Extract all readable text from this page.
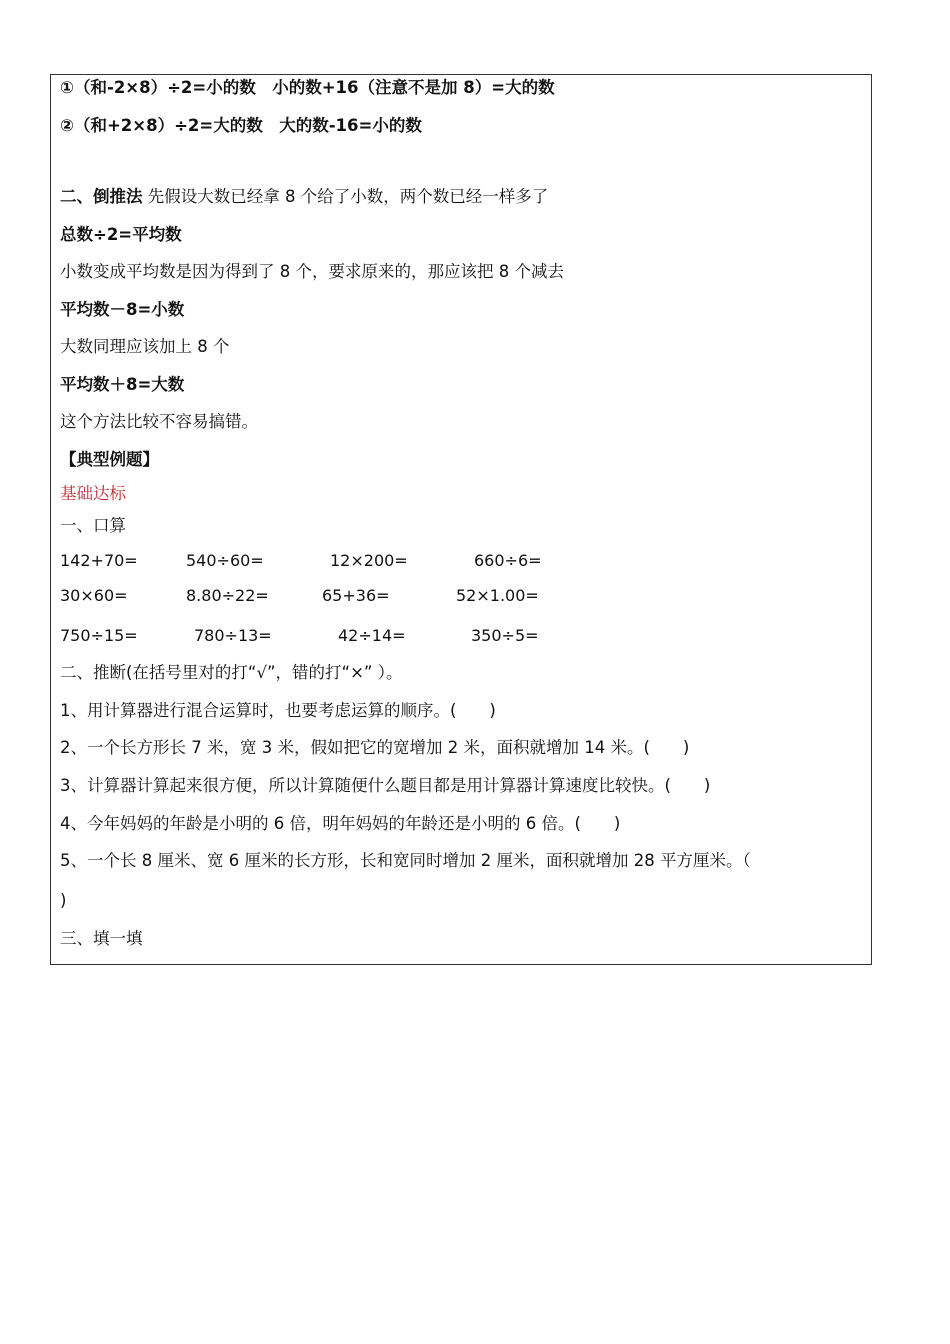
①（和-2×8）÷2=小的数　小的数+16（注意不是加 8）=大的数
②（和+2×8）÷2=大的数　大的数-16=小的数
二、倒推法 先假设大数已经拿 8 个给了小数，两个数已经一样多了
总数÷2=平均数
小数变成平均数是因为得到了 8 个，要求原来的，那应该把 8 个减去
平均数－8=小数
大数同理应该加上 8 个
平均数＋8=大数
这个方法比较不容易搞错。
【典型例题】
基础达标
一、口算
142+70=	540÷60=	12×200=	660÷6=
30×60=	8.80÷22=	65+36=	52×1.00=
750÷15=	780÷13=	42÷14=	350÷5=
二、推断(在括号里对的打“√”，错的打“×” ）。
1、用计算器进行混合运算时，也要考虑运算的顺序。(　　)
2、一个长方形长 7 米，宽 3 米，假如把它的宽增加 2 米，面积就增加 14 米。(　　)
3、计算器计算起来很方便，所以计算随便什么题目都是用计算器计算速度比较快。(　　)
4、今年妈妈的年龄是小明的 6 倍，明年妈妈的年龄还是小明的 6 倍。(　　)
5、一个长 8 厘米、宽 6 厘米的长方形，长和宽同时增加 2 厘米，面积就增加 28 平方厘米。（
)
三、填一填
